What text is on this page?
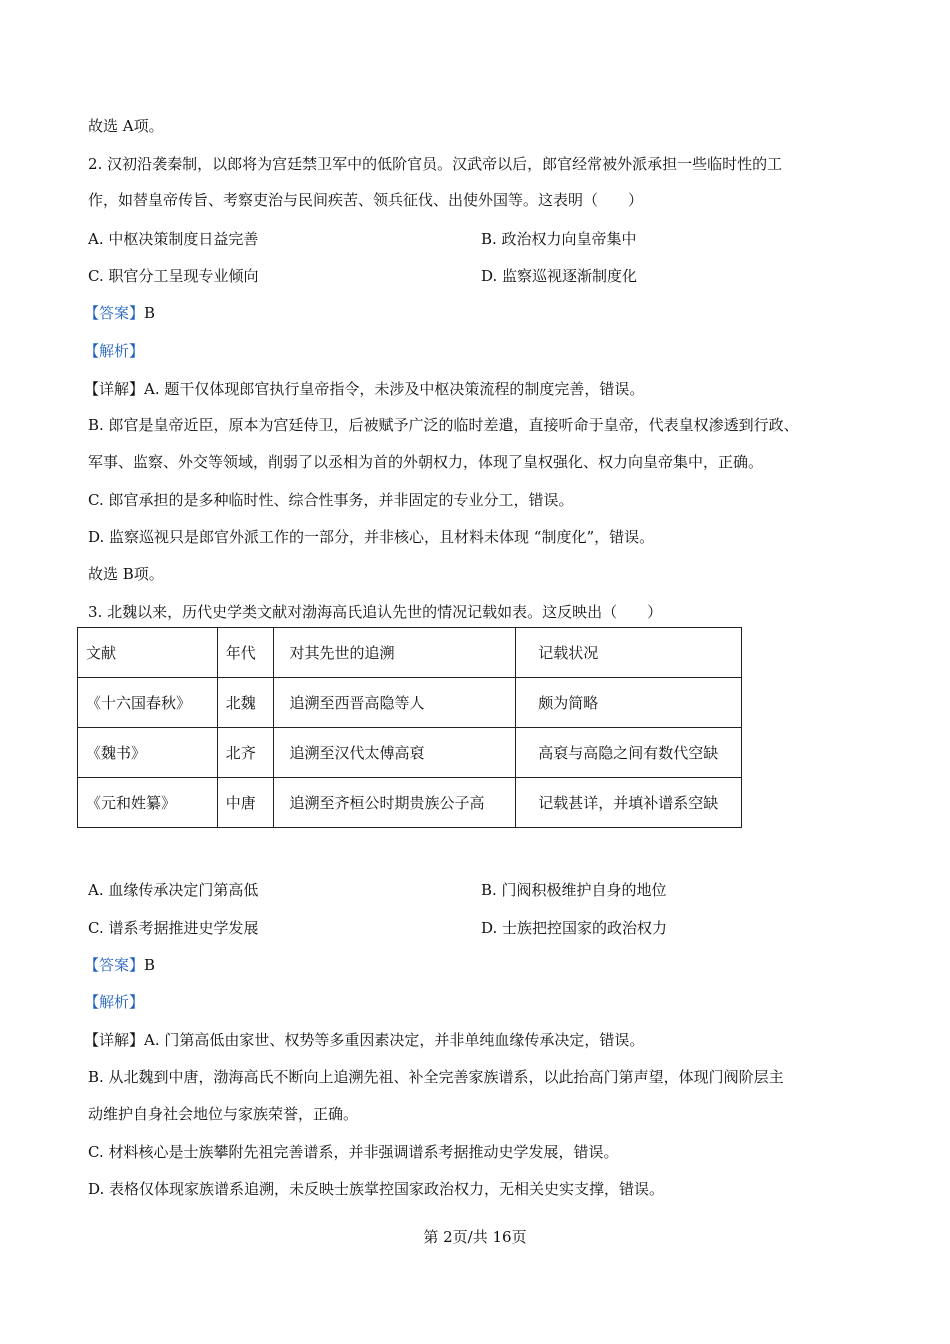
故选 A项。
2. 汉初沿袭秦制，以郎将为宫廷禁卫军中的低阶官员。汉武帝以后，郎官经常被外派承担一些临时性的工
作，如替皇帝传旨、考察吏治与民间疾苦、领兵征伐、出使外国等。这表明（　　）
A. 中枢决策制度日益完善	B. 政治权力向皇帝集中
C. 职官分工呈现专业倾向	D. 监察巡视逐渐制度化
【答案】B
【解析】
【详解】A. 题干仅体现郎官执行皇帝指令，未涉及中枢决策流程的制度完善，错误。
B. 郎官是皇帝近臣，原本为宫廷侍卫，后被赋予广泛的临时差遣，直接听命于皇帝，代表皇权渗透到行政、
军事、监察、外交等领域，削弱了以丞相为首的外朝权力，体现了皇权强化、权力向皇帝集中，正确。
C. 郎官承担的是多种临时性、综合性事务，并非固定的专业分工，错误。
D. 监察巡视只是郎官外派工作的一部分，并非核心，且材料未体现 “制度化”，错误。
故选 B项。
3. 北魏以来，历代史学类文献对渤海高氏追认先世的情况记载如表。这反映出（　　）
文献	年代	对其先世的追溯	记载状况
《十六国春秋》	北魏	追溯至西晋高隐等人	颇为简略
《魏书》	北齐	追溯至汉代太傅高裒	高裒与高隐之间有数代空缺
《元和姓纂》	中唐	追溯至齐桓公时期贵族公子高	记载甚详，并填补谱系空缺
A. 血缘传承决定门第高低	B. 门阀积极维护自身的地位
C. 谱系考据推进史学发展	D. 士族把控国家的政治权力
【答案】B
【解析】
【详解】A. 门第高低由家世、权势等多重因素决定，并非单纯血缘传承决定，错误。
B. 从北魏到中唐，渤海高氏不断向上追溯先祖、补全完善家族谱系，以此抬高门第声望，体现门阀阶层主
动维护自身社会地位与家族荣誉，正确。
C. 材料核心是士族攀附先祖完善谱系，并非强调谱系考据推动史学发展，错误。
D. 表格仅体现家族谱系追溯，未反映士族掌控国家政治权力，无相关史实支撑，错误。
第 2页/共 16页
